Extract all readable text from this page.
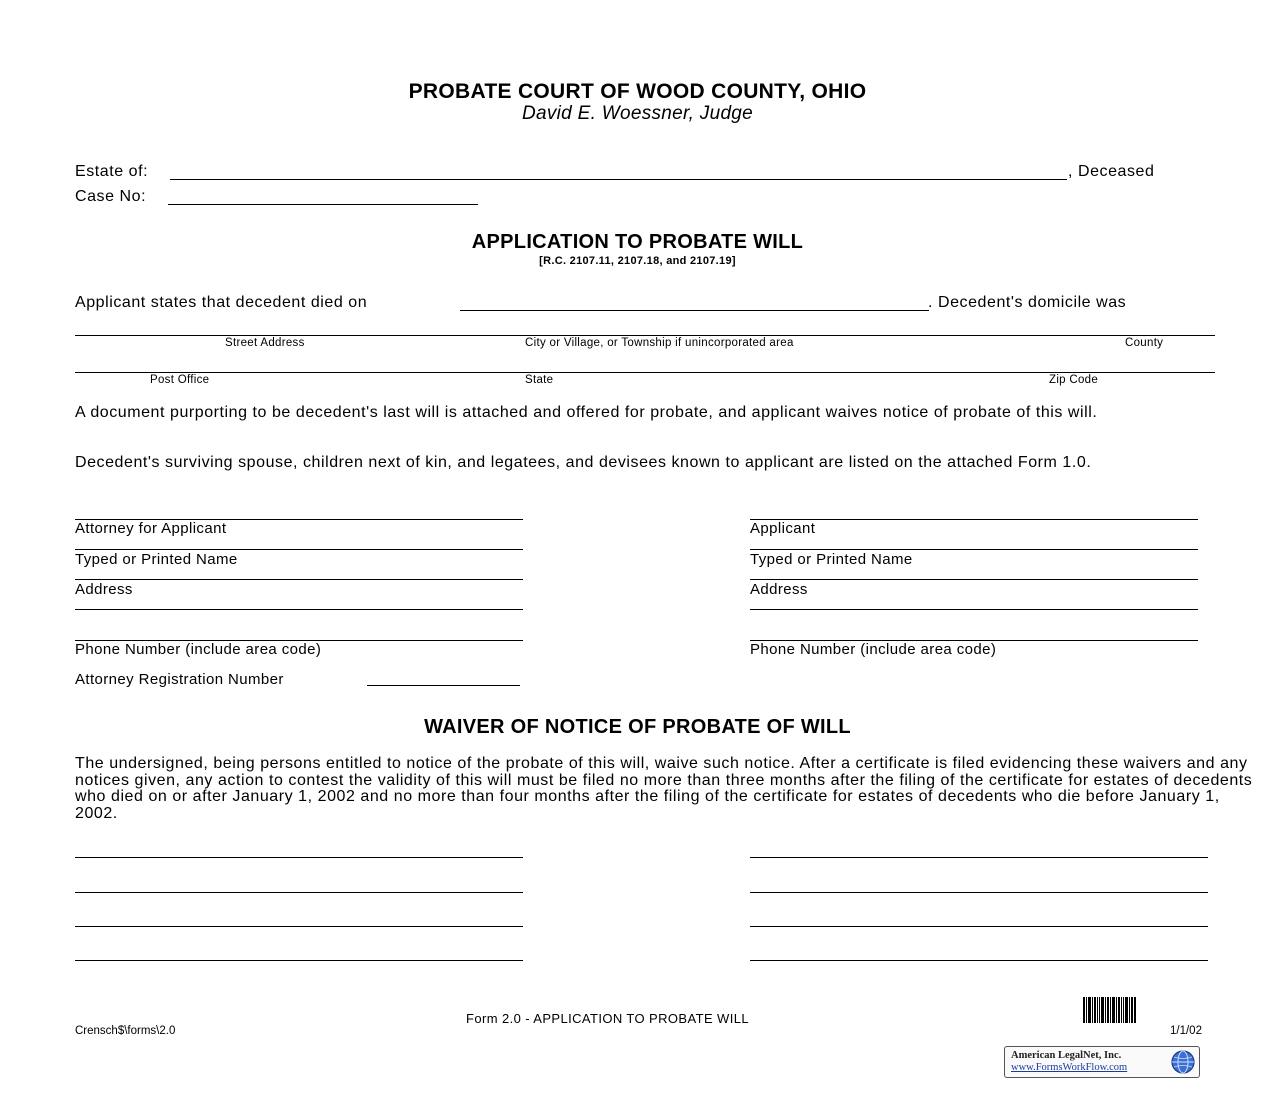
PROBATE COURT OF WOOD COUNTY, OHIO
David E. Woessner, Judge
Estate of:	, Deceased
Case No:
APPLICATION TO PROBATE WILL
[R.C. 2107.11, 2107.18, and 2107.19]
Applicant states that decedent died on	. Decedent's domicile was
Street Address	City or Village, or Township if unincorporated area	County
Post Office	State	Zip Code
A document purporting to be decedent's last will is attached and offered for probate, and applicant waives notice of probate of this will.
Decedent's surviving spouse, children next of kin, and legatees, and devisees known to applicant are listed on the attached Form 1.0.
Attorney for Applicant
Typed or Printed Name
Address
Phone Number (include area code)
Attorney Registration Number
Applicant
Typed or Printed Name
Address
Phone Number (include area code)
WAIVER OF NOTICE OF PROBATE OF WILL
The undersigned, being persons entitled to notice of the probate of this will, waive such notice. After a certificate is filed evidencing these waivers and any notices given, any action to contest the validity of this will must be filed no more than three months after the filing of the certificate for estates of decedents who died on or after January 1, 2002 and no more than four months after the filing of the certificate for estates of decedents who die before January 1, 2002.
Form 2.0 - APPLICATION TO PROBATE WILL
Crensch$\forms\2.0	1/1/02
American LegalNet, Inc.
www.FormsWorkFlow.com
